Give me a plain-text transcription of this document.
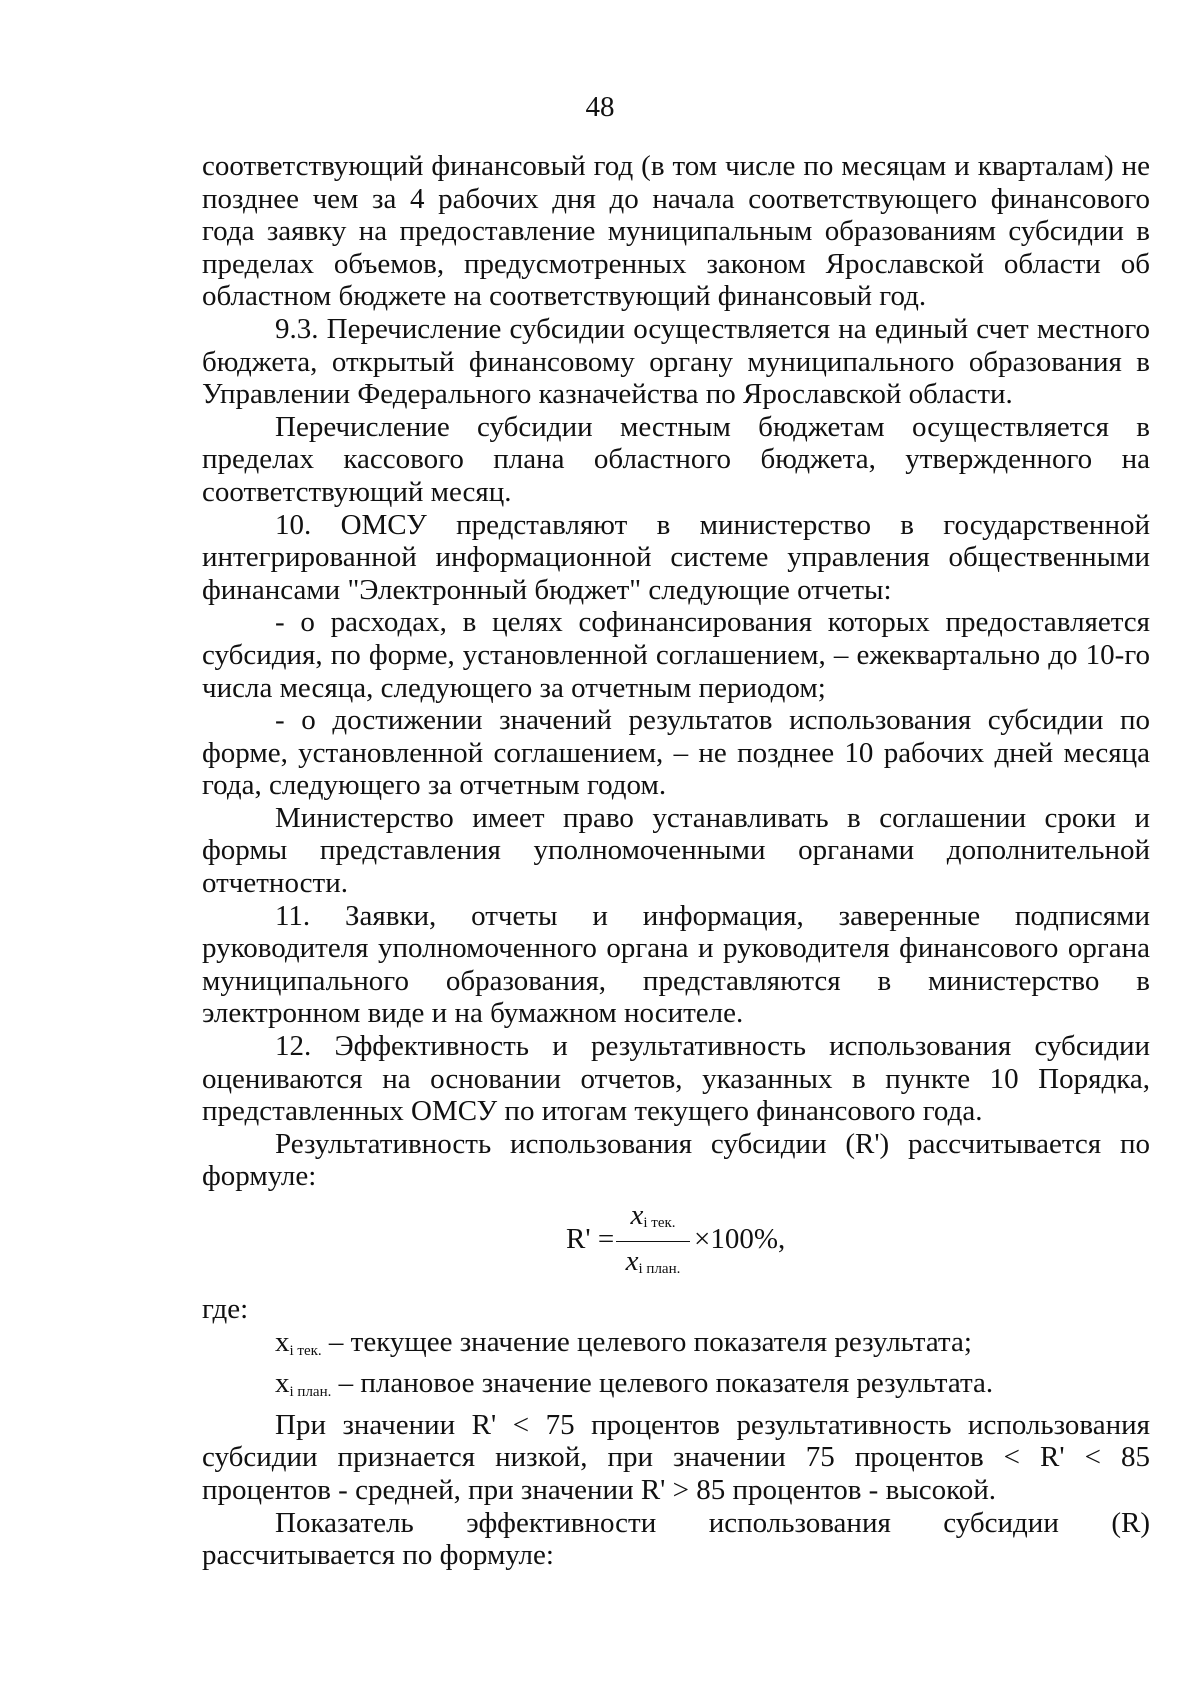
48

соответствующий финансовый год (в том числе по месяцам и кварталам) не позднее чем за 4 рабочих дня до начала соответствующего финансового года заявку на предоставление муниципальным образованиям субсидии в пределах объемов, предусмотренных законом Ярославской области об областном бюджете на соответствующий финансовый год.

9.3. Перечисление субсидии осуществляется на единый счет местного бюджета, открытый финансовому органу муниципального образования в Управлении Федерального казначейства по Ярославской области.

Перечисление субсидии местным бюджетам осуществляется в пределах кассового плана областного бюджета, утвержденного на соответствующий месяц.

10. ОМСУ представляют в министерство в государственной интегрированной информационной системе управления общественными финансами "Электронный бюджет" следующие отчеты:

- о расходах, в целях софинансирования которых предоставляется субсидия, по форме, установленной соглашением, – ежеквартально до 10-го числа месяца, следующего за отчетным периодом;

- о достижении значений результатов использования субсидии по форме, установленной соглашением, – не позднее 10 рабочих дней месяца года, следующего за отчетным годом.

Министерство имеет право устанавливать в соглашении сроки и формы представления уполномоченными органами дополнительной отчетности.

11. Заявки, отчеты и информация, заверенные подписями руководителя уполномоченного органа и руководителя финансового органа муниципального образования, представляются в министерство в электронном виде и на бумажном носителе.

12. Эффективность и результативность использования субсидии оцениваются на основании отчетов, указанных в пункте 10 Порядка, представленных ОМСУ по итогам текущего финансового года.

Результативность использования субсидии (R') рассчитывается по формуле:

R' =
$x_{i тек.}$
$x_{i план.}$
×100%,

где:

xi тек. – текущее значение целевого показателя результата;

xi план. – плановое значение целевого показателя результата.

При значении R' < 75 процентов результативность использования субсидии признается низкой, при значении 75 процентов < R' < 85 процентов - средней, при значении R' > 85 процентов - высокой.

Показатель эффективности использования субсидии (R) рассчитывается по формуле:
